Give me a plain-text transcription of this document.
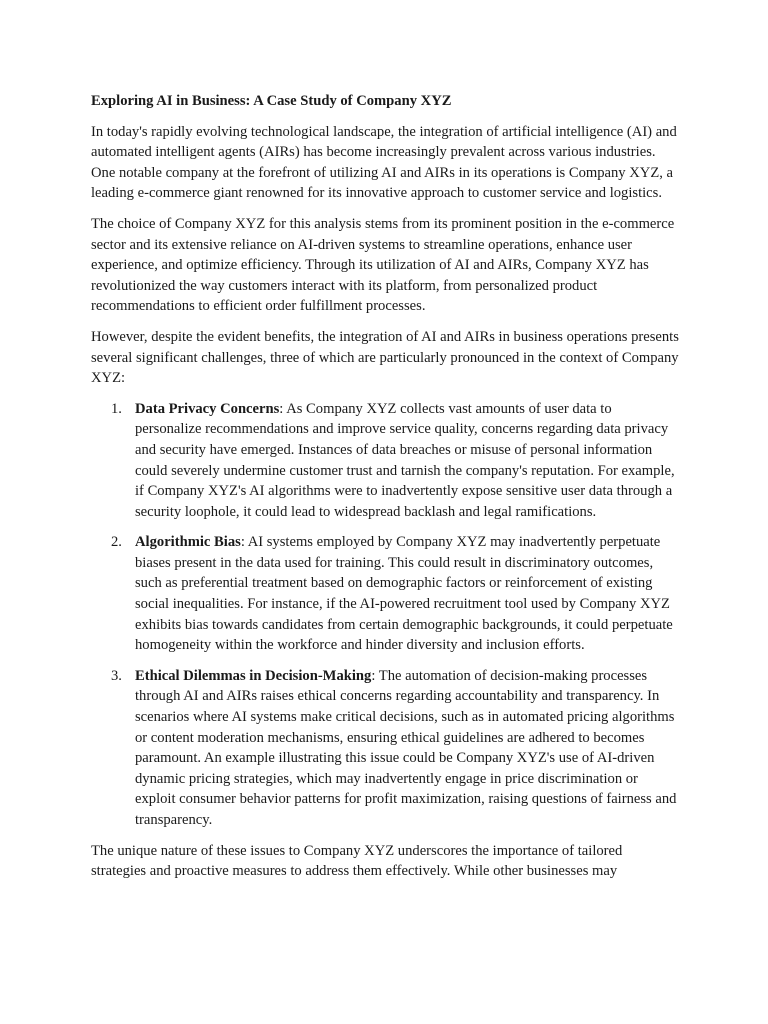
Exploring AI in Business: A Case Study of Company XYZ

In today's rapidly evolving technological landscape, the integration of artificial intelligence (AI) and automated intelligent agents (AIRs) has become increasingly prevalent across various industries. One notable company at the forefront of utilizing AI and AIRs in its operations is Company XYZ, a leading e-commerce giant renowned for its innovative approach to customer service and logistics.

The choice of Company XYZ for this analysis stems from its prominent position in the e-commerce sector and its extensive reliance on AI-driven systems to streamline operations, enhance user experience, and optimize efficiency. Through its utilization of AI and AIRs, Company XYZ has revolutionized the way customers interact with its platform, from personalized product recommendations to efficient order fulfillment processes.

However, despite the evident benefits, the integration of AI and AIRs in business operations presents several significant challenges, three of which are particularly pronounced in the context of Company XYZ:

1. Data Privacy Concerns: As Company XYZ collects vast amounts of user data to personalize recommendations and improve service quality, concerns regarding data privacy and security have emerged. Instances of data breaches or misuse of personal information could severely undermine customer trust and tarnish the company's reputation. For example, if Company XYZ's AI algorithms were to inadvertently expose sensitive user data through a security loophole, it could lead to widespread backlash and legal ramifications.
2. Algorithmic Bias: AI systems employed by Company XYZ may inadvertently perpetuate biases present in the data used for training. This could result in discriminatory outcomes, such as preferential treatment based on demographic factors or reinforcement of existing social inequalities. For instance, if the AI-powered recruitment tool used by Company XYZ exhibits bias towards candidates from certain demographic backgrounds, it could perpetuate homogeneity within the workforce and hinder diversity and inclusion efforts.
3. Ethical Dilemmas in Decision-Making: The automation of decision-making processes through AI and AIRs raises ethical concerns regarding accountability and transparency. In scenarios where AI systems make critical decisions, such as in automated pricing algorithms or content moderation mechanisms, ensuring ethical guidelines are adhered to becomes paramount. An example illustrating this issue could be Company XYZ's use of AI-driven dynamic pricing strategies, which may inadvertently engage in price discrimination or exploit consumer behavior patterns for profit maximization, raising questions of fairness and transparency.

The unique nature of these issues to Company XYZ underscores the importance of tailored strategies and proactive measures to address them effectively. While other businesses may
